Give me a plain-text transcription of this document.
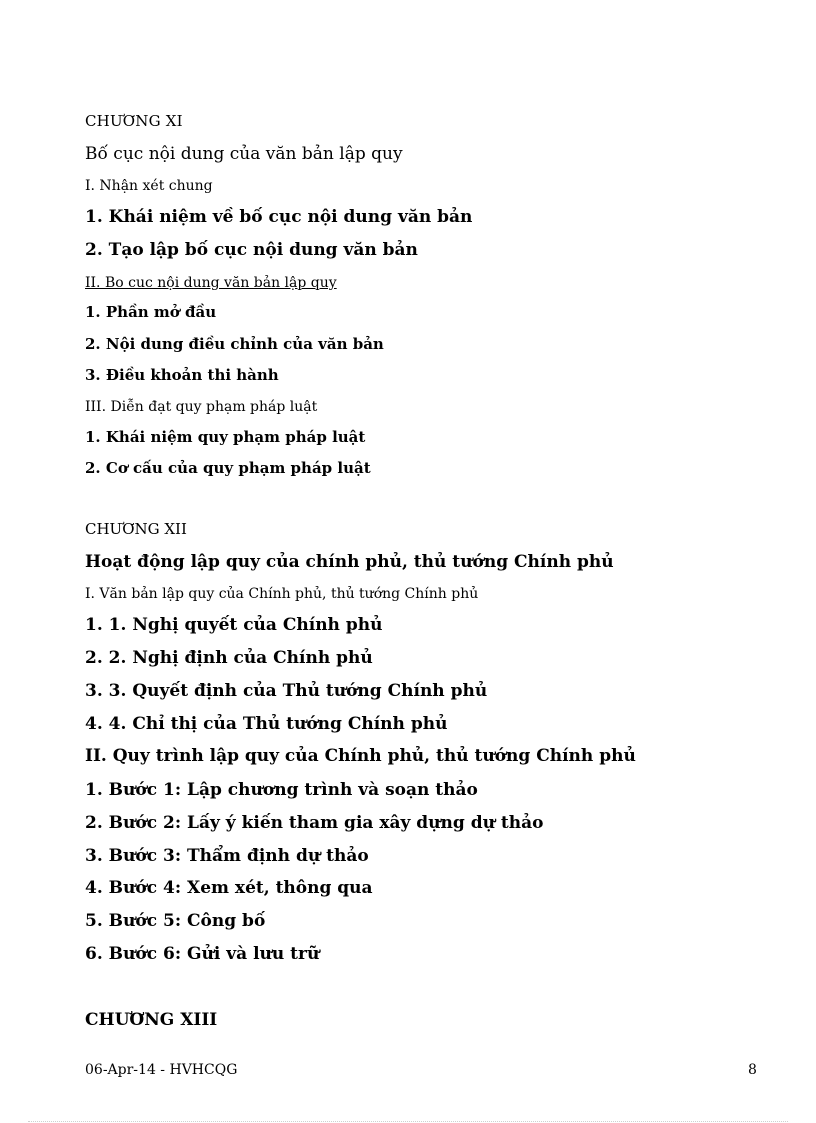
CHƯƠNG XI
Bố cục nội dung của văn bản lập quy
I. Nhận xét chung
1. Khái niệm về bố cục nội dung văn bản
2. Tạo lập bố cục nội dung văn bản
II. Bo cuc nội dung văn bản lập quy
1. Phần mở đầu
2. Nội dung điều chỉnh của văn bản
3. Điều khoản thi hành
III. Diễn đạt quy phạm pháp luật
1. Khái niệm quy phạm pháp luật
2. Cơ cấu của quy phạm pháp luật
CHƯƠNG XII
Hoạt động lập quy của chính phủ, thủ tướng Chính phủ
I. Văn bản lập quy của Chính phủ, thủ tướng Chính phủ
1. 1. Nghị quyết của Chính phủ
2. 2. Nghị định của Chính phủ
3. 3. Quyết định của Thủ tướng Chính phủ
4. 4. Chỉ thị của Thủ tướng Chính phủ
II. Quy trình lập quy của Chính phủ, thủ tướng Chính phủ
1. Bước 1: Lập chương trình và soạn thảo
2. Bước 2: Lấy ý kiến tham gia xây dựng dự thảo
3. Bước 3: Thẩm định dự thảo
4. Bước 4: Xem xét, thông qua
5. Bước 5: Công bố
6. Bước 6: Gửi và lưu trữ
CHƯƠNG XIII
06-Apr-14 - HVHCQG	8
